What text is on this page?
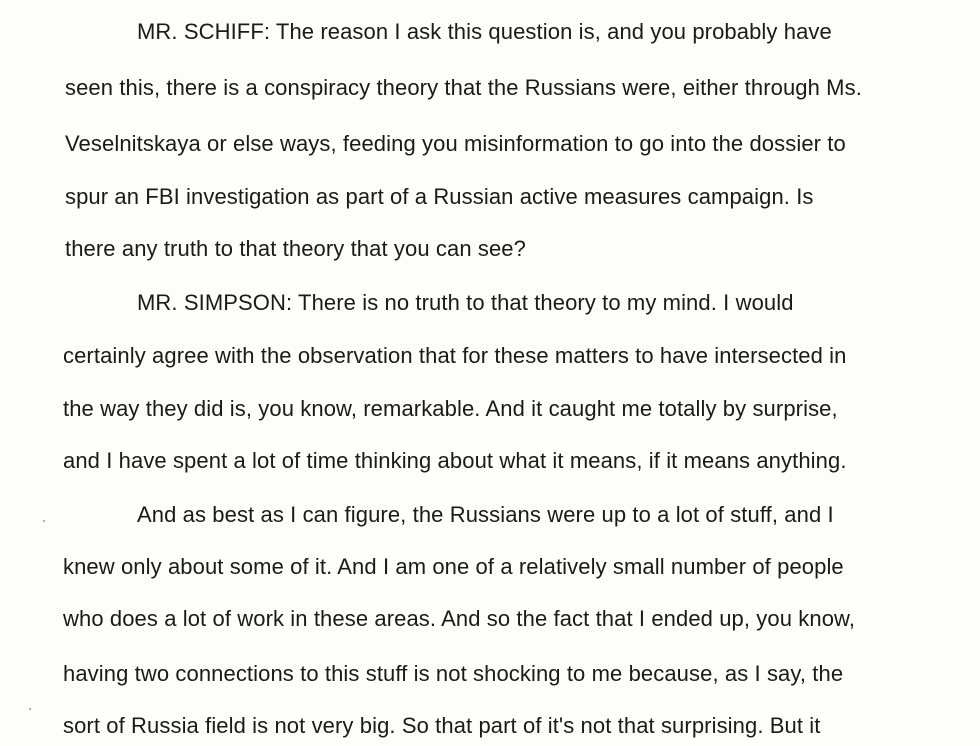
MR. SCHIFF: The reason I ask this question is, and you probably have
seen this, there is a conspiracy theory that the Russians were, either through Ms.
Veselnitskaya or else ways, feeding you misinformation to go into the dossier to
spur an FBI investigation as part of a Russian active measures campaign. Is
there any truth to that theory that you can see?
MR. SIMPSON: There is no truth to that theory to my mind. I would
certainly agree with the observation that for these matters to have intersected in
the way they did is, you know, remarkable. And it caught me totally by surprise,
and I have spent a lot of time thinking about what it means, if it means anything.
And as best as I can figure, the Russians were up to a lot of stuff, and I
knew only about some of it. And I am one of a relatively small number of people
who does a lot of work in these areas. And so the fact that I ended up, you know,
having two connections to this stuff is not shocking to me because, as I say, the
sort of Russia field is not very big. So that part of it's not that surprising. But it
